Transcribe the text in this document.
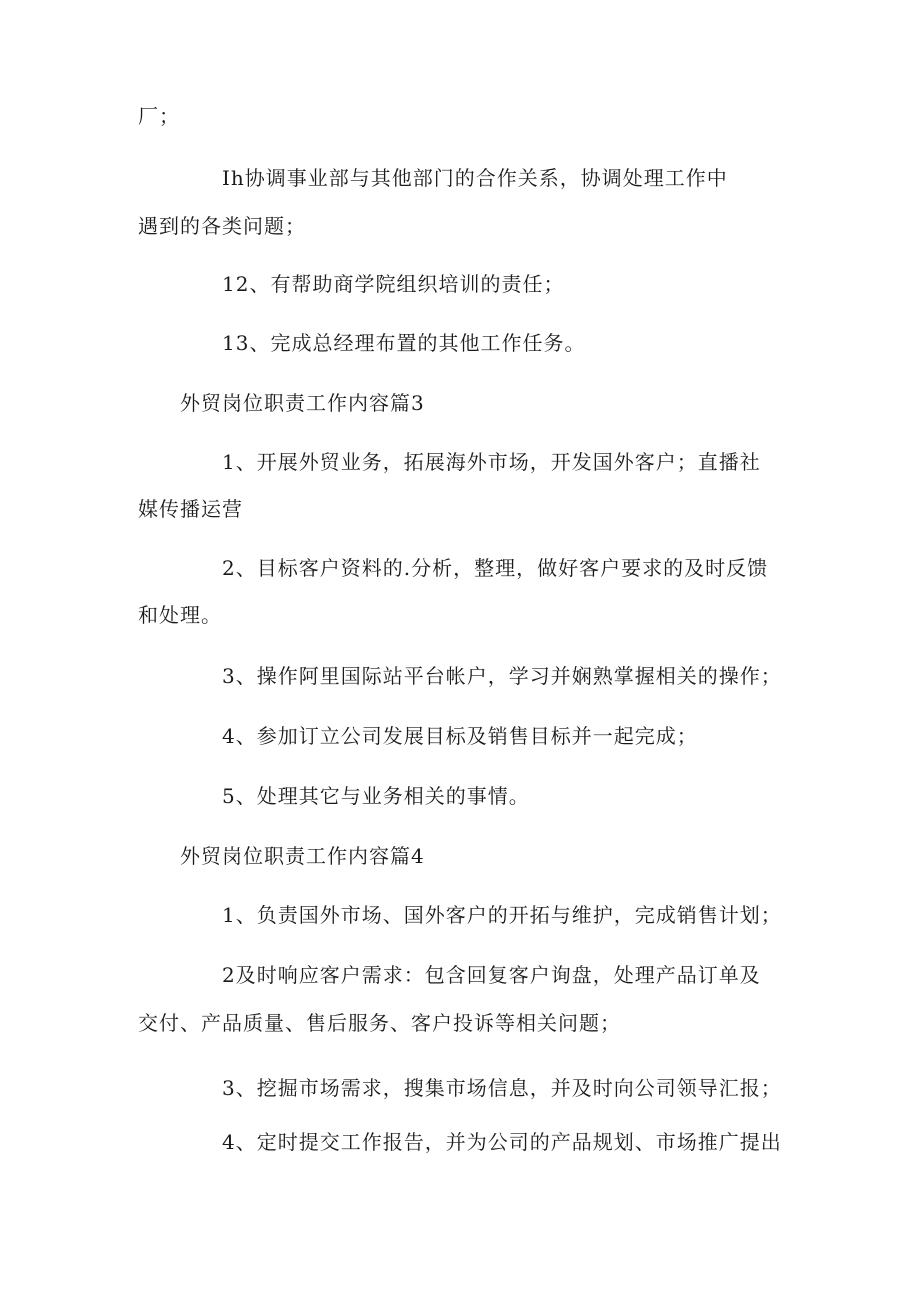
厂；
Ih协调事业部与其他部门的合作关系，协调处理工作中
遇到的各类问题；
12、有帮助商学院组织培训的责任；
13、完成总经理布置的其他工作任务。
外贸岗位职责工作内容篇3
1、开展外贸业务，拓展海外市场，开发国外客户；直播社
媒传播运营
2、目标客户资料的.分析，整理，做好客户要求的及时反馈
和处理。
3、操作阿里国际站平台帐户，学习并娴熟掌握相关的操作；
4、参加订立公司发展目标及销售目标并一起完成；
5、处理其它与业务相关的事情。
外贸岗位职责工作内容篇4
1、负责国外市场、国外客户的开拓与维护，完成销售计划；
2及时响应客户需求：包含回复客户询盘，处理产品订单及
交付、产品质量、售后服务、客户投诉等相关问题；
3、挖掘市场需求，搜集市场信息，并及时向公司领导汇报；
4、定时提交工作报告，并为公司的产品规划、市场推广提出
